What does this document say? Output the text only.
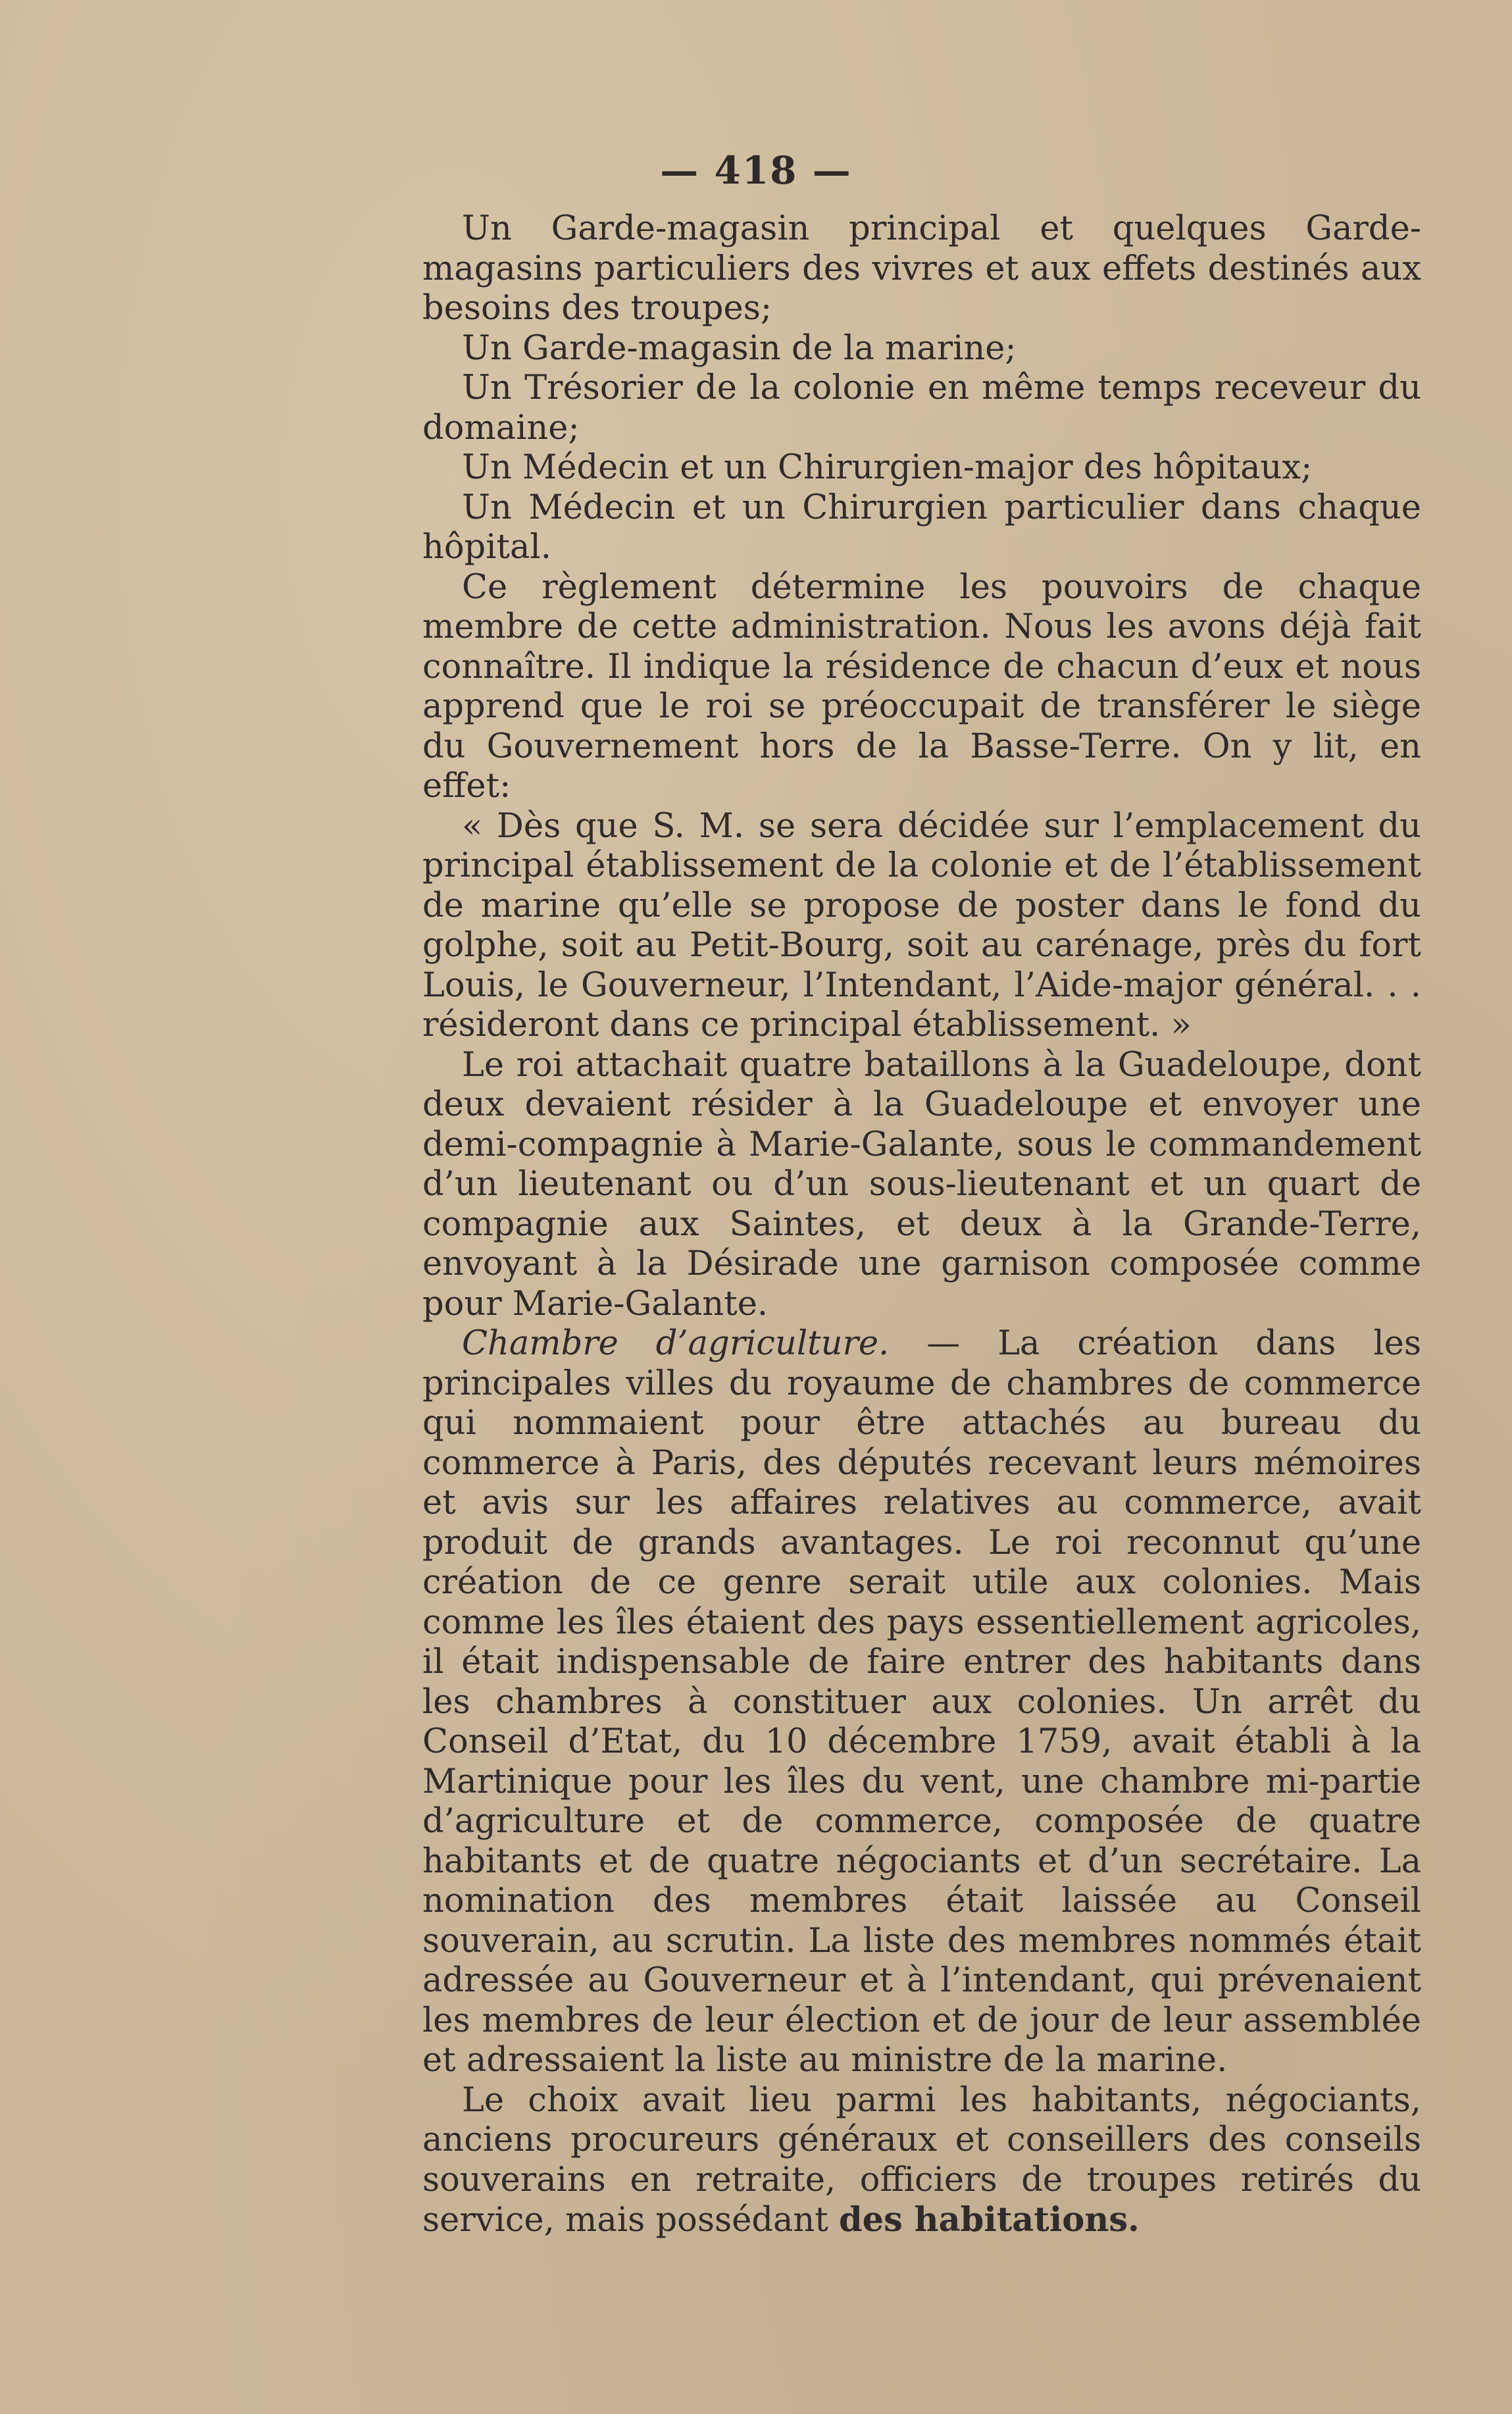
— 418 —

Un Garde-magasin principal et quelques Garde-magasins particuliers des vivres et aux effets destinés aux besoins des troupes;

Un Garde-magasin de la marine;

Un Trésorier de la colonie en même temps receveur du domaine;

Un Médecin et un Chirurgien-major des hôpitaux;

Un Médecin et un Chirurgien particulier dans chaque hôpital.

Ce règlement détermine les pouvoirs de chaque membre de cette administration. Nous les avons déjà fait connaître. Il indique la résidence de chacun d’eux et nous apprend que le roi se préoccupait de transférer le siège du Gouvernement hors de la Basse-Terre. On y lit, en effet:

« Dès que S. M. se sera décidée sur l’emplacement du principal établissement de la colonie et de l’établissement de marine qu’elle se propose de poster dans le fond du golphe, soit au Petit-Bourg, soit au carénage, près du fort Louis, le Gouverneur, l’Intendant, l’Aide-major général. . . résideront dans ce principal établissement. »

Le roi attachait quatre bataillons à la Guadeloupe, dont deux devaient résider à la Guadeloupe et envoyer une demi-compagnie à Marie-Galante, sous le commandement d’un lieutenant ou d’un sous-lieutenant et un quart de compagnie aux Saintes, et deux à la Grande-Terre, envoyant à la Désirade une garnison composée comme pour Marie-Galante.

Chambre d’agriculture. — La création dans les principales villes du royaume de chambres de commerce qui nommaient pour être attachés au bureau du commerce à Paris, des députés recevant leurs mémoires et avis sur les affaires relatives au commerce, avait produit de grands avantages. Le roi reconnut qu’une création de ce genre serait utile aux colonies. Mais comme les îles étaient des pays essentiellement agricoles, il était indispensable de faire entrer des habitants dans les chambres à constituer aux colonies. Un arrêt du Conseil d’Etat, du 10 décembre 1759, avait établi à la Martinique pour les îles du vent, une chambre mi-partie d’agriculture et de commerce, composée de quatre habitants et de quatre négociants et d’un secrétaire. La nomination des membres était laissée au Conseil souverain, au scrutin. La liste des membres nommés était adressée au Gouverneur et à l’intendant, qui prévenaient les membres de leur élection et de jour de leur assemblée et adressaient la liste au ministre de la marine.

Le choix avait lieu parmi les habitants, négociants, anciens procureurs généraux et conseillers des conseils souverains en retraite, officiers de troupes retirés du service, mais possédant des habitations.
